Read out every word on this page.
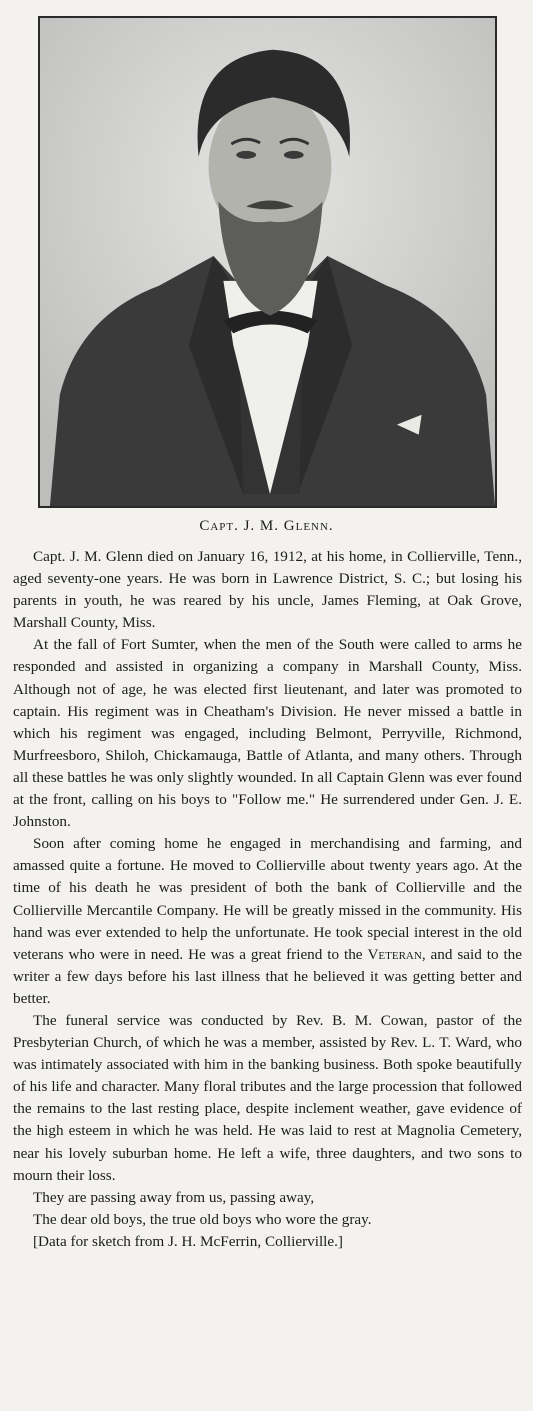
Capt. J. M. Glenn.

Capt. J. M. Glenn died on January 16, 1912, at his home, in Collierville, Tenn., aged seventy-one years. He was born in Lawrence District, S. C.; but losing his parents in youth, he was reared by his uncle, James Fleming, at Oak Grove, Marshall County, Miss.

At the fall of Fort Sumter, when the men of the South were called to arms he responded and assisted in organizing a company in Marshall County, Miss. Although not of age, he was elected first lieutenant, and later was promoted to captain. His regiment was in Cheatham's Division. He never missed a battle in which his regiment was engaged, including Belmont, Perryville, Richmond, Murfreesboro, Shiloh, Chickamauga, Battle of Atlanta, and many others. Through all these battles he was only slightly wounded. In all Captain Glenn was ever found at the front, calling on his boys to "Follow me." He surrendered under Gen. J. E. Johnston.

Soon after coming home he engaged in merchandising and farming, and amassed quite a fortune. He moved to Collierville about twenty years ago. At the time of his death he was president of both the bank of Collierville and the Collierville Mercantile Company. He will be greatly missed in the community. His hand was ever extended to help the unfortunate. He took special interest in the old veterans who were in need. He was a great friend to the Veteran, and said to the writer a few days before his last illness that he believed it was getting better and better.

The funeral service was conducted by Rev. B. M. Cowan, pastor of the Presbyterian Church, of which he was a member, assisted by Rev. L. T. Ward, who was intimately associated with him in the banking business. Both spoke beautifully of his life and character. Many floral tributes and the large procession that followed the remains to the last resting place, despite inclement weather, gave evidence of the high esteem in which he was held. He was laid to rest at Magnolia Cemetery, near his lovely suburban home. He left a wife, three daughters, and two sons to mourn their loss.

They are passing away from us, passing away,
The dear old boys, the true old boys who wore the gray.
[Data for sketch from J. H. McFerrin, Collierville.]
